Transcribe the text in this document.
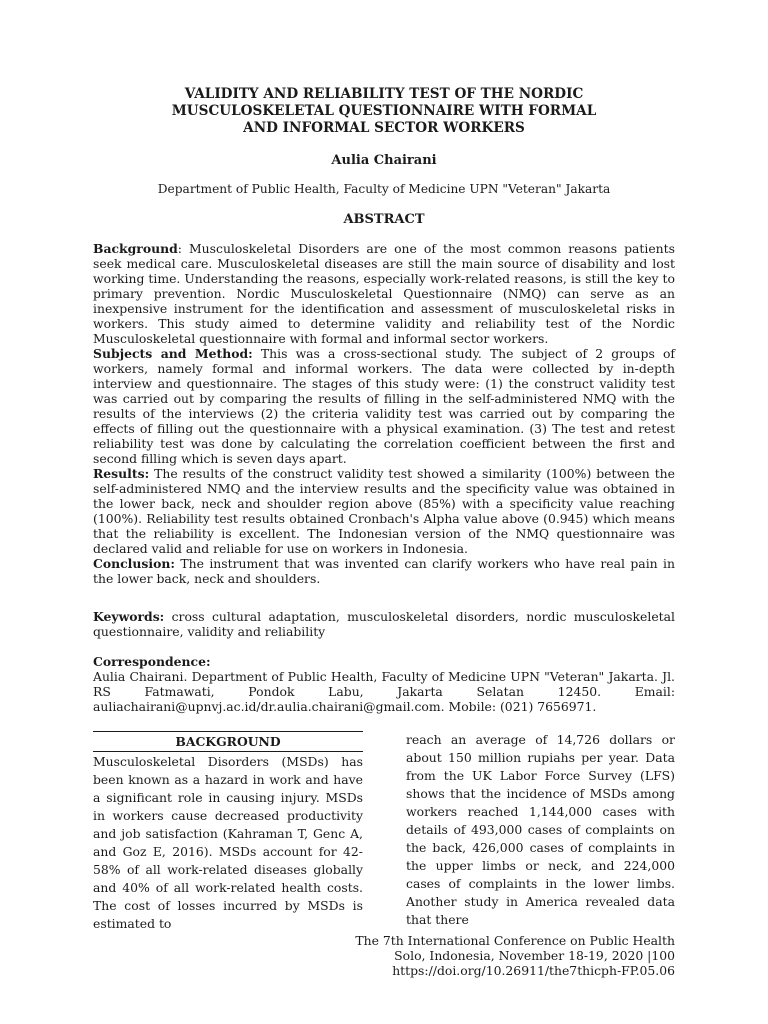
VALIDITY AND RELIABILITY TEST OF THE NORDIC
MUSCULOSKELETAL QUESTIONNAIRE WITH FORMAL
AND INFORMAL SECTOR WORKERS
Aulia Chairani
Department of Public Health, Faculty of Medicine UPN "Veteran" Jakarta
ABSTRACT

Background: Musculoskeletal Disorders are one of the most common reasons patients seek medical care. Musculoskeletal diseases are still the main source of disability and lost working time. Understanding the reasons, especially work-related reasons, is still the key to primary prevention. Nordic Musculoskeletal Questionnaire (NMQ) can serve as an inexpensive instrument for the identification and assessment of musculoskeletal risks in workers. This study aimed to determine validity and reliability test of the Nordic Musculoskeletal questionnaire with formal and informal sector workers.

Subjects and Method: This was a cross-sectional study. The subject of 2 groups of workers, namely formal and informal workers. The data were collected by in-depth interview and questionnaire. The stages of this study were: (1) the construct validity test was carried out by comparing the results of filling in the self-administered NMQ with the results of the interviews (2) the criteria validity test was carried out by comparing the effects of filling out the questionnaire with a physical examination. (3) The test and retest reliability test was done by calculating the correlation coefficient between the first and second filling which is seven days apart.

Results: The results of the construct validity test showed a similarity (100%) between the self-administered NMQ and the interview results and the specificity value was obtained in the lower back, neck and shoulder region above (85%) with a specificity value reaching (100%). Reliability test results obtained Cronbach's Alpha value above (0.945) which means that the reliability is excellent. The Indonesian version of the NMQ questionnaire was declared valid and reliable for use on workers in Indonesia.

Conclusion: The instrument that was invented can clarify workers who have real pain in the lower back, neck and shoulders.

Keywords: cross cultural adaptation, musculoskeletal disorders, nordic musculoskeletal questionnaire, validity and reliability
Correspondence:
Aulia Chairani. Department of Public Health, Faculty of Medicine UPN "Veteran" Jakarta. Jl. RS Fatmawati, Pondok Labu, Jakarta Selatan 12450. Email: auliachairani@upnvj.ac.id/dr.aulia.chairani@gmail.com. Mobile: (021) 7656971.
BACKGROUND

Musculoskeletal Disorders (MSDs) has been known as a hazard in work and have a significant role in causing injury. MSDs in workers cause decreased productivity and job satisfaction (Kahraman T, Genc A, and Goz E, 2016). MSDs account for 42-58% of all work-related diseases globally and 40% of all work-related health costs. The cost of losses incurred by MSDs is estimated to

reach an average of 14,726 dollars or about 150 million rupiahs per year. Data from the UK Labor Force Survey (LFS) shows that the incidence of MSDs among workers reached 1,144,000 cases with details of 493,000 cases of complaints on the back, 426,000 cases of complaints in the upper limbs or neck, and 224,000 cases of complaints in the lower limbs. Another study in America revealed data that there

The 7th International Conference on Public Health
Solo, Indonesia, November 18-19, 2020 |100
https://doi.org/10.26911/the7thicph-FP.05.06
